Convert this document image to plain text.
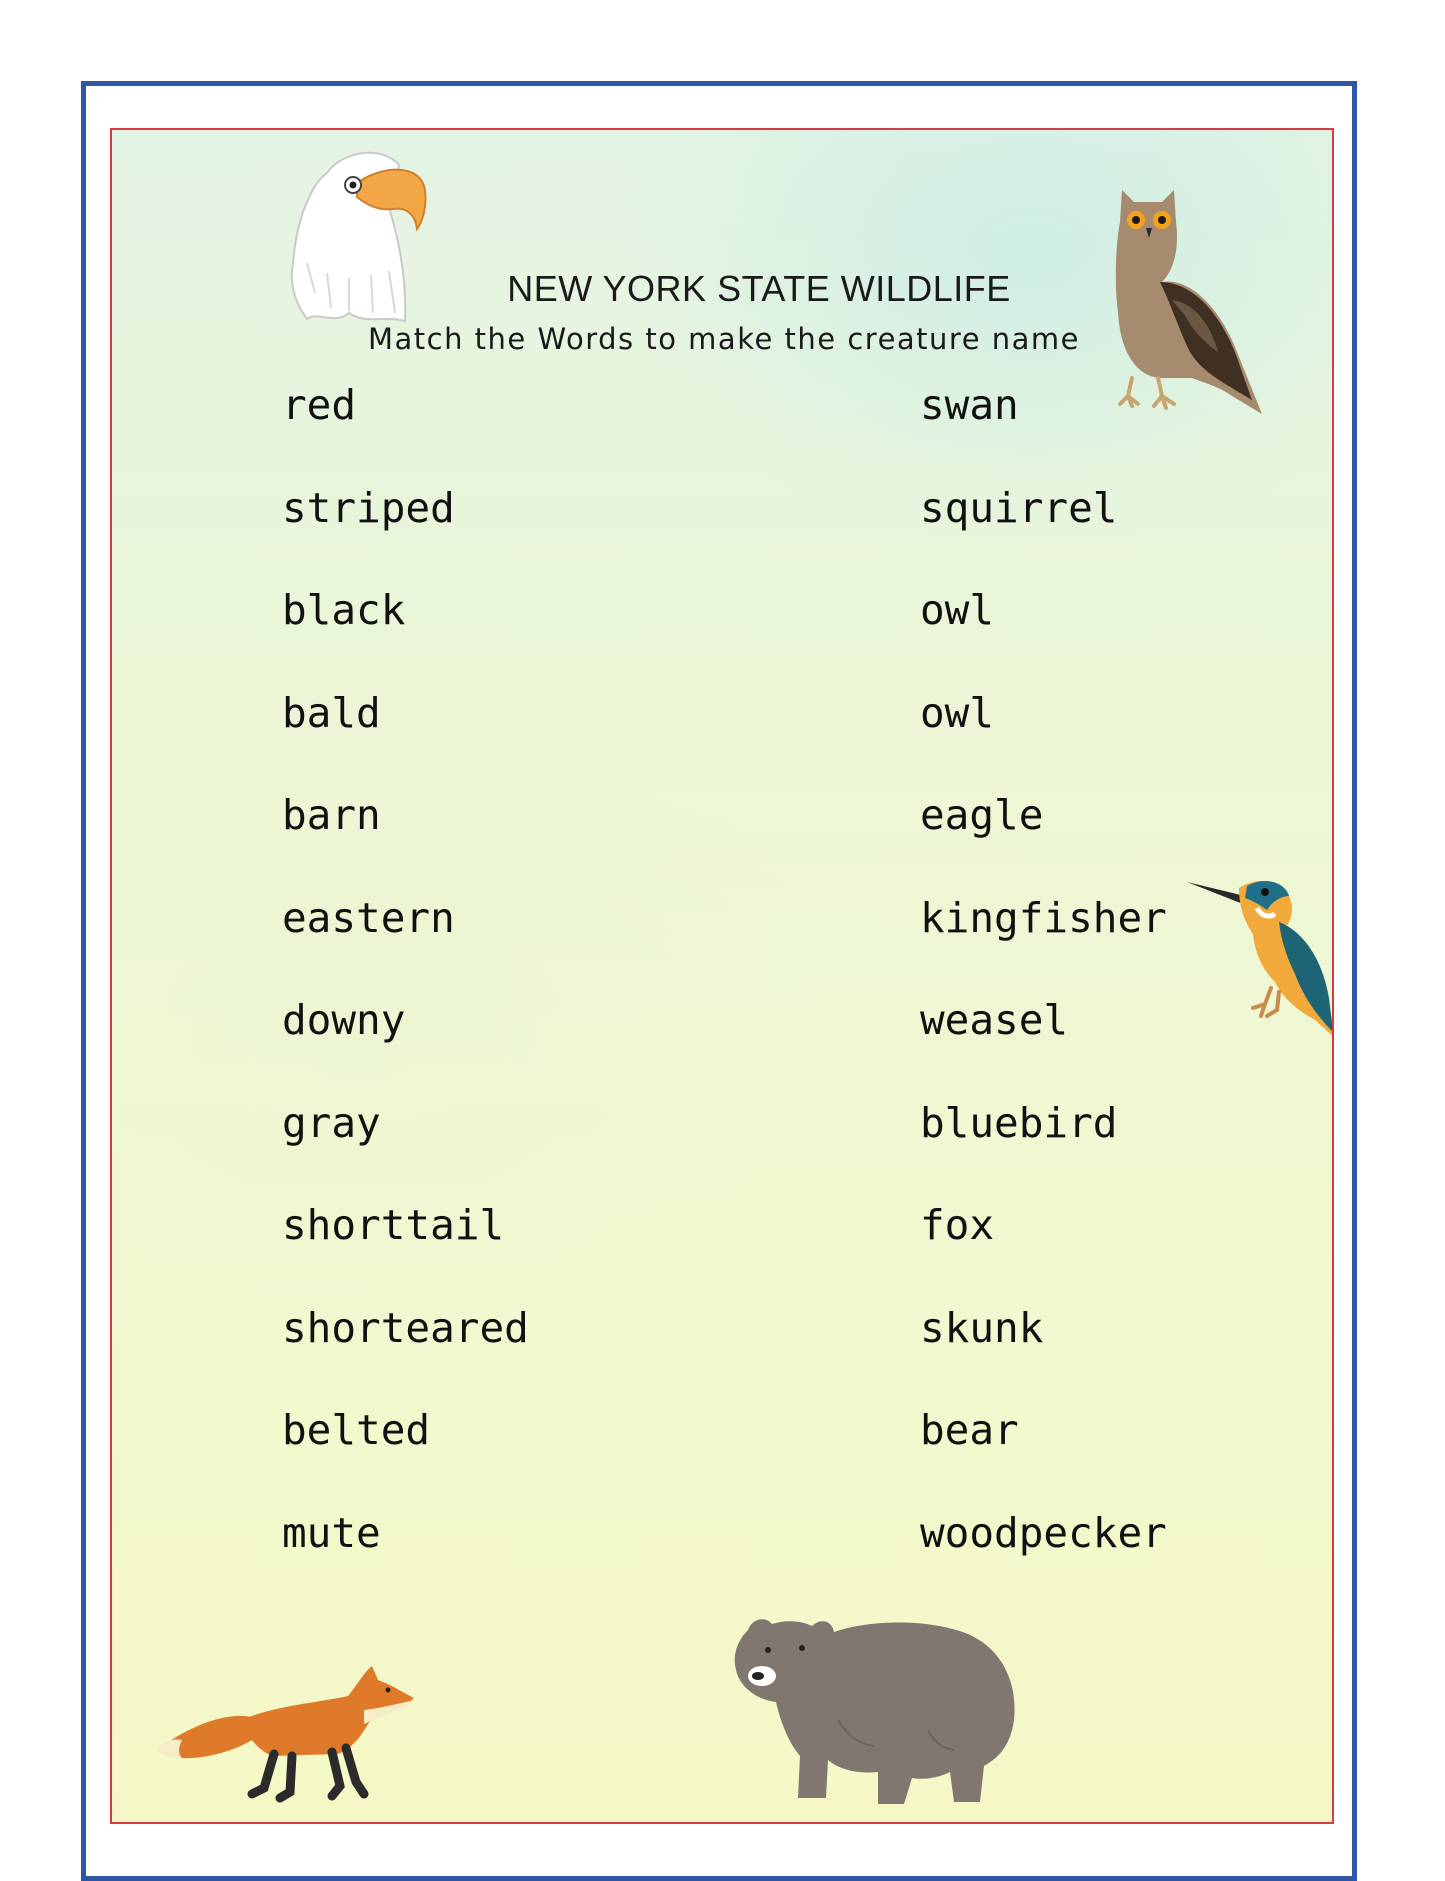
NEW YORK STATE WILDLIFE
Match the Words to make the creature name
red
striped
black
bald
barn
eastern
downy
gray
shorttail
shorteared
belted
mute
swan
squirrel
owl
owl
eagle
kingfisher
weasel
bluebird
fox
skunk
bear
woodpecker
